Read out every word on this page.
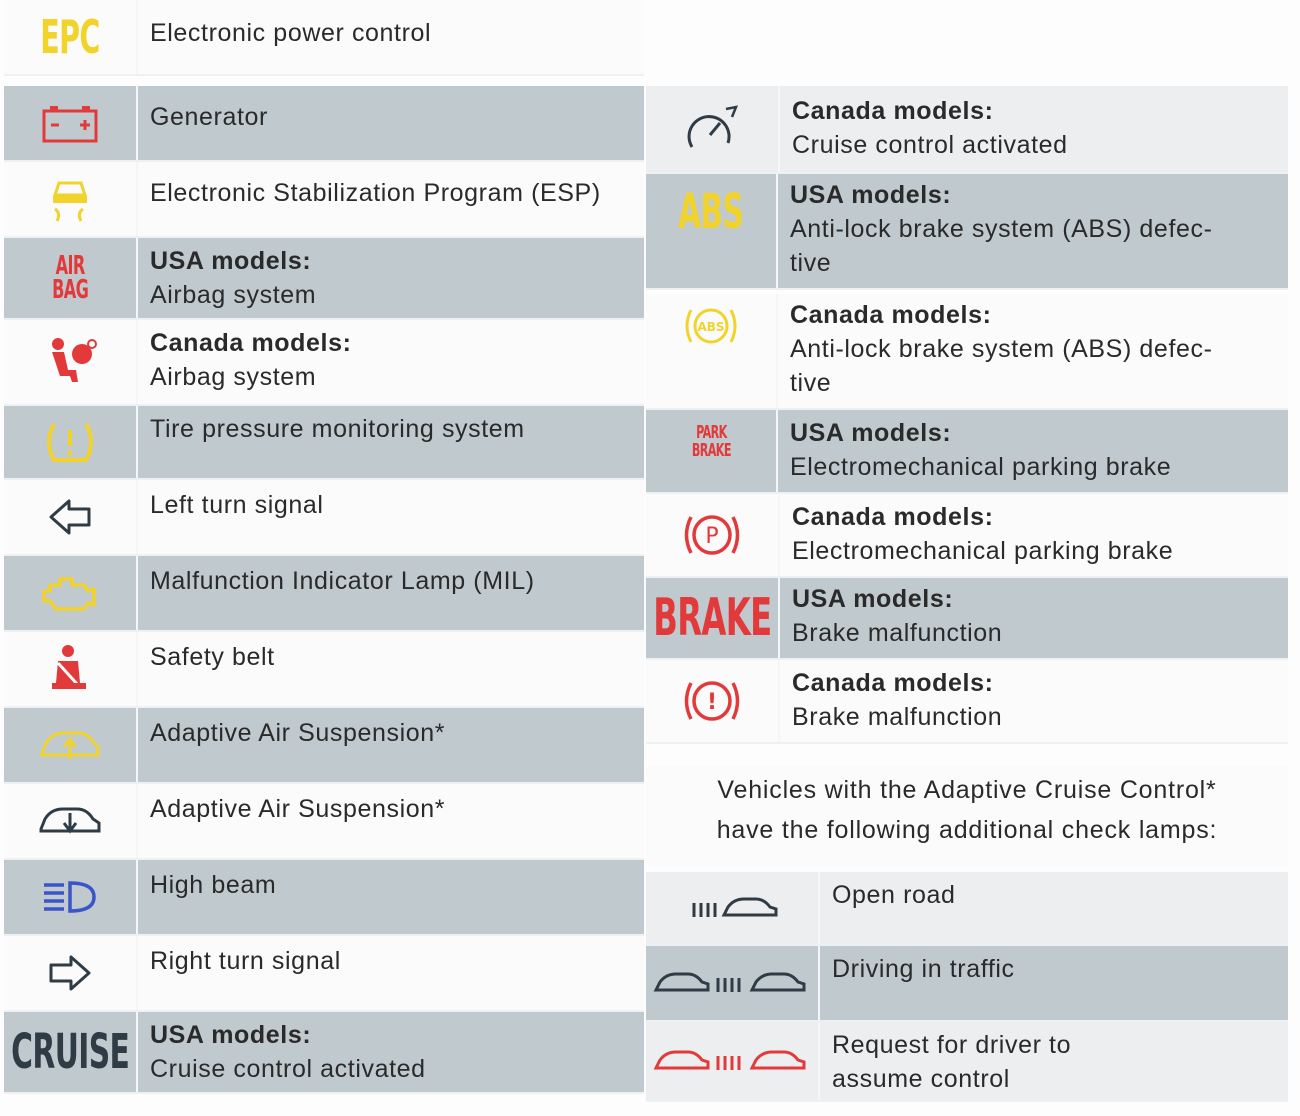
EPC	Electronic power control
Generator
Electronic Stabilization Program (ESP)
AIR
BAG
USA models:
Airbag system
Canada models:
Airbag system
Tire pressure monitoring system
Left turn signal
Malfunction Indicator Lamp (MIL)
Safety belt
Adaptive Air Suspension*
Adaptive Air Suspension*
High beam
Right turn signal
CRUISE USA models:
Cruise control activated
Canada models:
Cruise control activated
ABS USA models:
Anti-lock brake system (ABS) defec-
tive
ABS	Canada models:
Anti-lock brake system (ABS) defec-
tive
PARK
BRAKE
USA models:
Electromechanical parking brake
P
Canada models:
Electromechanical parking brake
BRAKE USA models:
Brake malfunction
!
Canada models:
Brake malfunction
Open road
Driving in traffic
Request for driver to
assume control
Vehicles with the Adaptive Cruise Control*
have the following additional check lamps:
